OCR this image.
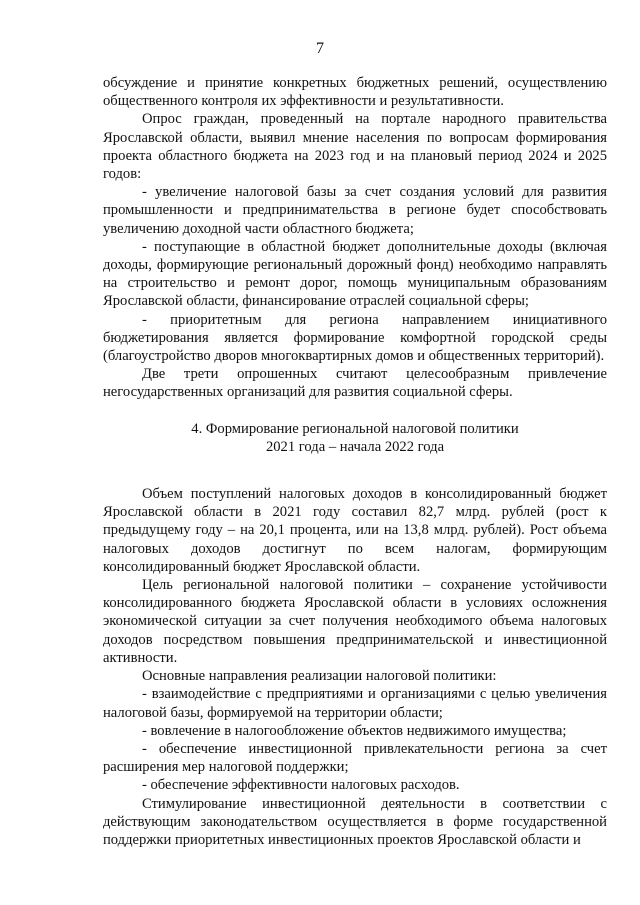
7

обсуждение и принятие конкретных бюджетных решений, осуществлению общественного контроля их эффективности и результативности.

Опрос граждан, проведенный на портале народного правительства Ярославской области, выявил мнение населения по вопросам формирования проекта областного бюджета на 2023 год и на плановый период 2024 и 2025 годов:

- увеличение налоговой базы за счет создания условий для развития промышленности и предпринимательства в регионе будет способствовать увеличению доходной части областного бюджета;

- поступающие в областной бюджет дополнительные доходы (включая доходы, формирующие региональный дорожный фонд) необходимо направлять на строительство и ремонт дорог, помощь муниципальным образованиям Ярославской области, финансирование отраслей социальной сферы;

- приоритетным для региона направлением инициативного бюджетирования является формирование комфортной городской среды (благоустройство дворов многоквартирных домов и общественных территорий).

Две трети опрошенных считают целесообразным привлечение негосударственных организаций для развития социальной сферы.

4. Формирование региональной налоговой политики
2021 года – начала 2022 года

Объем поступлений налоговых доходов в консолидированный бюджет Ярославской области в 2021 году составил 82,7 млрд. рублей (рост к предыдущему году – на 20,1 процента, или на 13,8 млрд. рублей). Рост объема налоговых доходов достигнут по всем налогам, формирующим консолидированный бюджет Ярославской области.

Цель региональной налоговой политики – сохранение устойчивости консолидированного бюджета Ярославской области в условиях осложнения экономической ситуации за счет получения необходимого объема налоговых доходов посредством повышения предпринимательской и инвестиционной активности.

Основные направления реализации налоговой политики:

- взаимодействие с предприятиями и организациями с целью увеличения налоговой базы, формируемой на территории области;

- вовлечение в налогообложение объектов недвижимого имущества;

- обеспечение инвестиционной привлекательности региона за счет расширения мер налоговой поддержки;

- обеспечение эффективности налоговых расходов.

Стимулирование инвестиционной деятельности в соответствии с действующим законодательством осуществляется в форме государственной поддержки приоритетных инвестиционных проектов Ярославской области и
